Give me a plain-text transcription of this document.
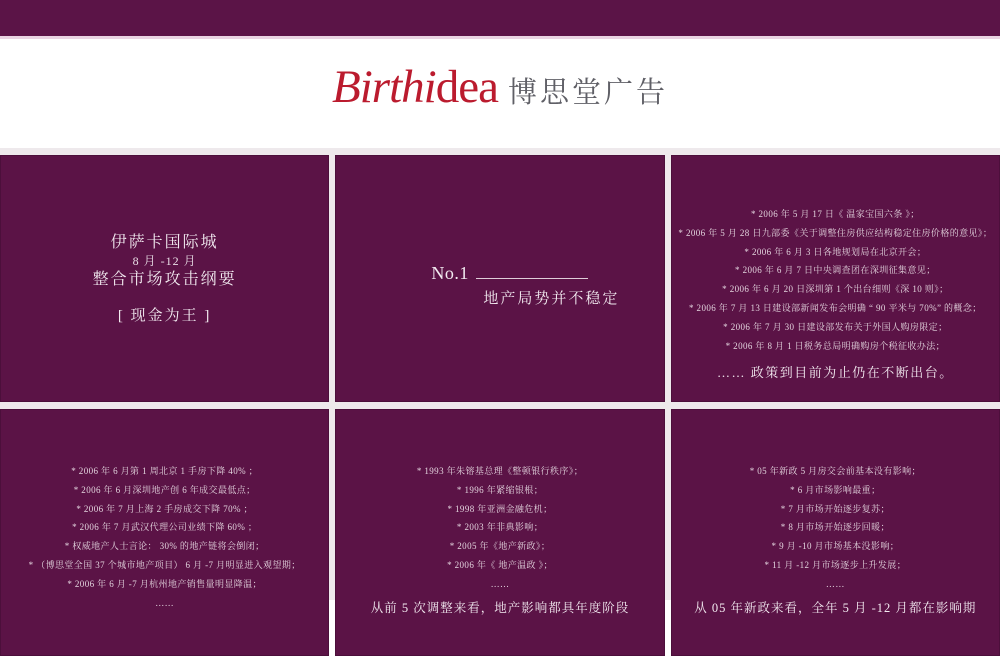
Birthidea 博思堂广告
伊萨卡国际城
8 月 -12 月
整合市场攻击纲要
[ 现金为王 ]
No.1
地产局势并不稳定
* 2006 年 5 月 17 日《 温家宝国六条 》；
* 2006 年 5 月 28 日九部委《关于调整住房供应结构稳定住房价格的意见》；
* 2006 年 6 月 3 日各地规划局在北京开会；
* 2006 年 6 月 7 日中央调查团在深圳征集意见；
* 2006 年 6 月 20 日深圳第 1 个出台细则《深 10 则》；
* 2006 年 7 月 13 日建设部新闻发布会明确 “ 90 平米与 70%” 的概念；
* 2006 年 7 月 30 日建设部发布关于外国人购房限定；
* 2006 年 8 月 1 日税务总局明确购房个税征收办法；
…… 政策到目前为止仍在不断出台。
* 2006 年 6 月第 1 周北京 1 手房下降 40% ；
* 2006 年 6 月深圳地产创 6 年成交最低点；
* 2006 年 7 月上海 2 手房成交下降 70% ；
* 2006 年 7 月武汉代理公司业绩下降 60% ；
* 权威地产人士言论： 30% 的地产链将会倒闭；
* （博思堂全国 37 个城市地产项目） 6 月 -7 月明显进入观望期；
* 2006 年 6 月 -7 月杭州地产销售量明显降温；
……
* 1993 年朱镕基总理《整顿银行秩序》；
* 1996 年紧缩银根；
* 1998 年亚洲金融危机；
* 2003 年非典影响；
* 2005 年《地产新政》；
* 2006 年《 地产温政 》；
……
从前 5 次调整来看，地产影响都具年度阶段
* 05 年新政 5 月房交会前基本没有影响；
* 6 月市场影响最重；
* 7 月市场开始逐步复苏；
* 8 月市场开始逐步回暖；
* 9 月 -10 月市场基本没影响；
* 11 月 -12 月市场逐步上升发展；
……
从 05 年新政来看，全年 5 月 -12 月都在影响期
